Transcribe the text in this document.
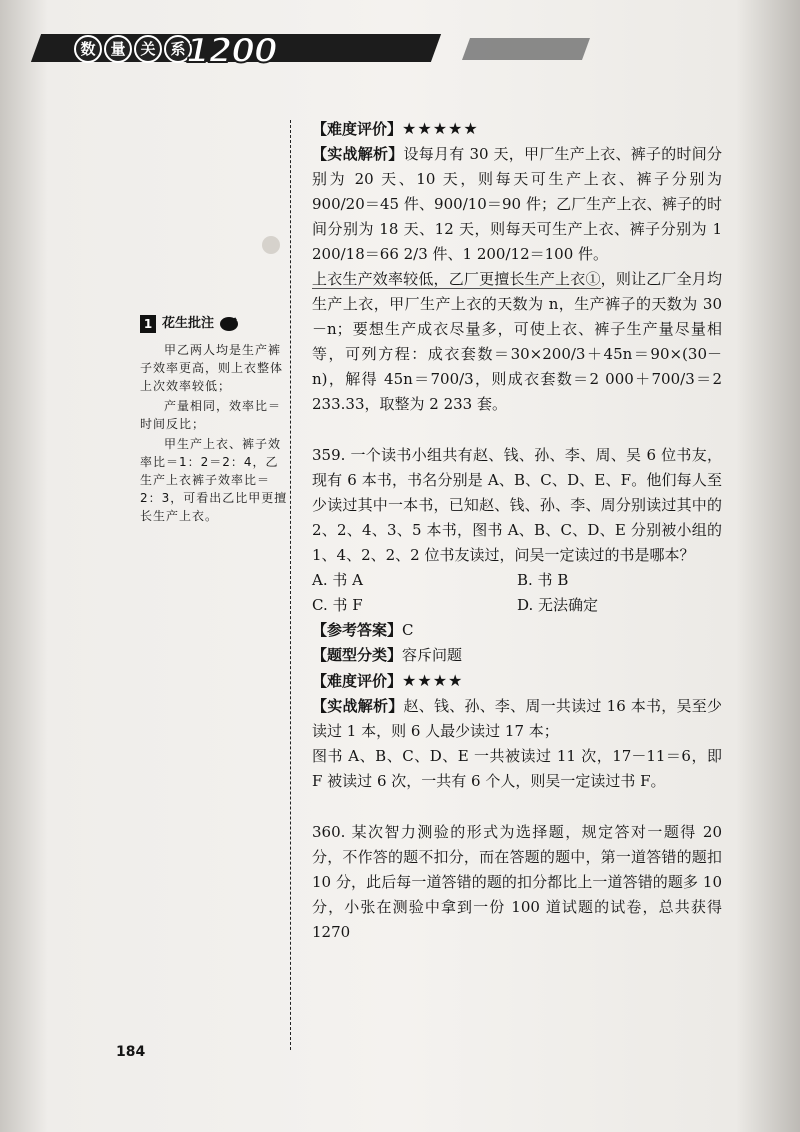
数 量 关 系 1200
1 花生批注

甲乙两人均是生产裤子效率更高，则上衣整体上次效率较低；

产量相同，效率比＝时间反比；

甲生产上衣、裤子效率比＝1：2＝2：4，乙生产上衣裤子效率比＝2：3，可看出乙比甲更擅长生产上衣。

【难度评价】★★★★★

【实战解析】设每月有 30 天，甲厂生产上衣、裤子的时间分别为 20 天、10 天，则每天可生产上衣、裤子分别为 900/20＝45 件、900/10＝90 件；乙厂生产上衣、裤子的时间分别为 18 天、12 天，则每天可生产上衣、裤子分别为 1 200/18＝66 2/3 件、1 200/12＝100 件。

上衣生产效率较低，乙厂更擅长生产上衣①，则让乙厂全月均生产上衣，甲厂生产上衣的天数为 n，生产裤子的天数为 30－n；要想生产成衣尽量多，可使上衣、裤子生产量尽量相等，可列方程：成衣套数＝30×200/3＋45n＝90×(30－n)，解得 45n＝700/3，则成衣套数＝2 000＋700/3＝2 233.33，取整为 2 233 套。

359. 一个读书小组共有赵、钱、孙、李、周、吴 6 位书友，现有 6 本书，书名分别是 A、B、C、D、E、F。他们每人至少读过其中一本书，已知赵、钱、孙、李、周分别读过其中的 2、2、4、3、5 本书，图书 A、B、C、D、E 分别被小组的 1、4、2、2、2 位书友读过，问吴一定读过的书是哪本？

A. 书 A	B. 书 B
C. 书 F	D. 无法确定

【参考答案】C

【题型分类】容斥问题

【难度评价】★★★★

【实战解析】赵、钱、孙、李、周一共读过 16 本书，吴至少读过 1 本，则 6 人最少读过 17 本；

图书 A、B、C、D、E 一共被读过 11 次，17－11＝6，即 F 被读过 6 次，一共有 6 个人，则吴一定读过书 F。

360. 某次智力测验的形式为选择题，规定答对一题得 20 分，不作答的题不扣分，而在答题的题中，第一道答错的题扣 10 分，此后每一道答错的题的扣分都比上一道答错的题多 10 分，小张在测验中拿到一份 100 道试题的试卷，总共获得 1270

184
